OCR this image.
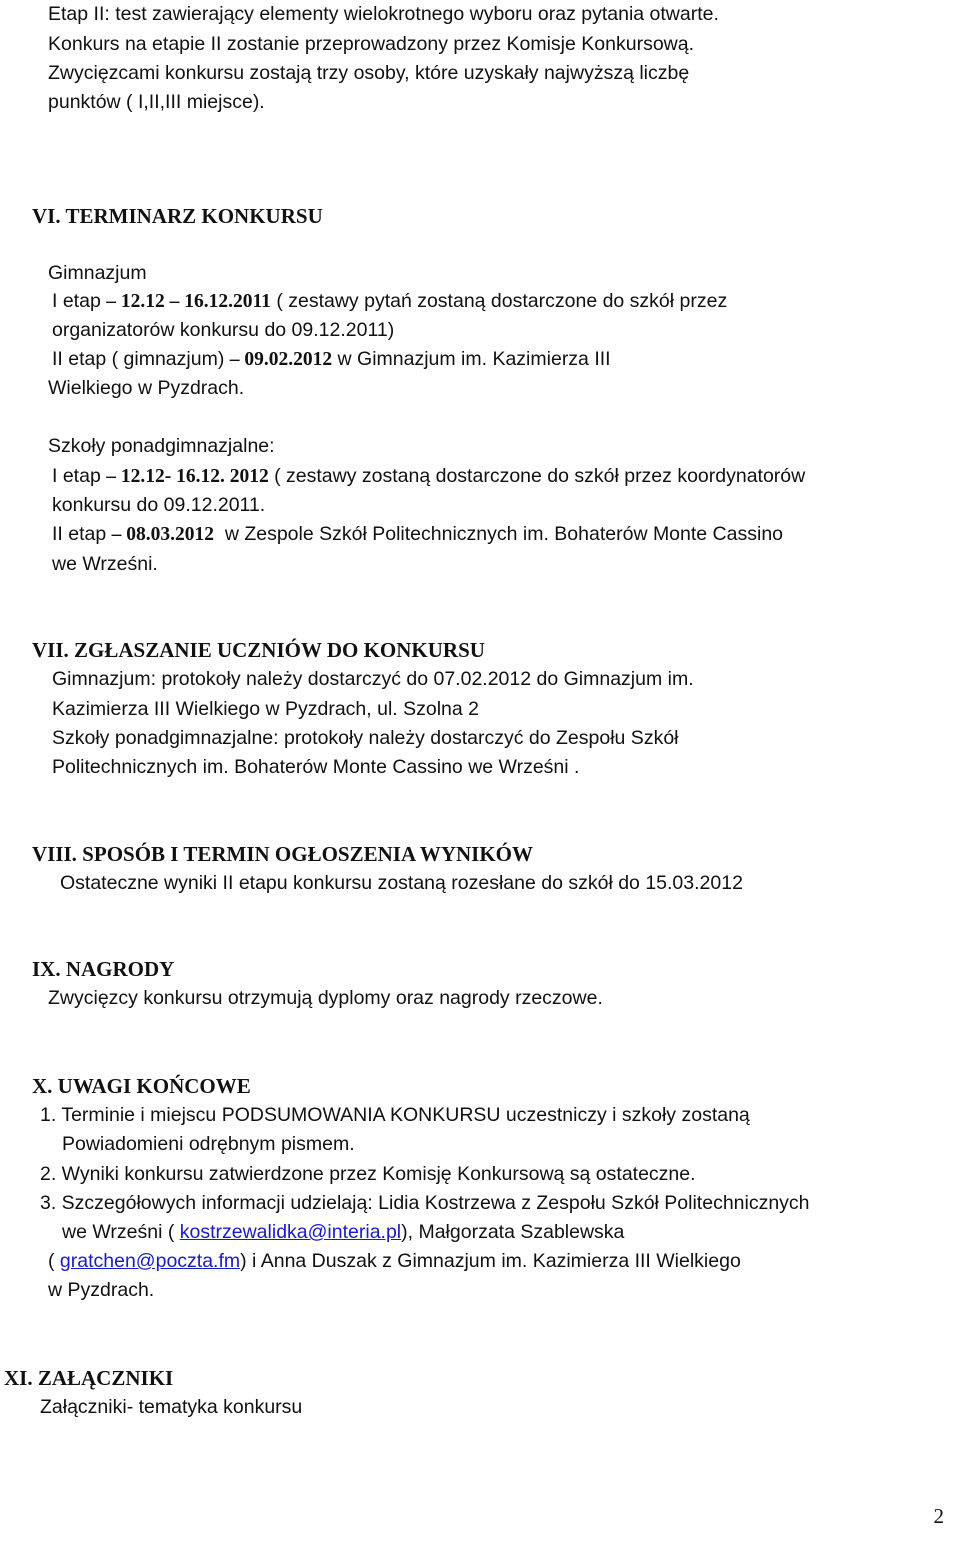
Etap II: test zawierający elementy wielokrotnego wyboru oraz pytania otwarte.
Konkurs na etapie II zostanie przeprowadzony przez Komisje Konkursową.
Zwycięzcami konkursu zostają trzy osoby, które uzyskały najwyższą liczbę
punktów ( I,II,III miejsce).
VI. TERMINARZ KONKURSU
Gimnazjum
I etap – 12.12 – 16.12.2011 ( zestawy pytań zostaną dostarczone do szkół przez
organizatorów konkursu do 09.12.2011)
II etap ( gimnazjum) – 09.02.2012 w Gimnazjum im. Kazimierza III
Wielkiego w Pyzdrach.
Szkoły ponadgimnazjalne:
I etap – 12.12- 16.12. 2012 ( zestawy zostaną dostarczone do szkół przez koordynatorów
konkursu do 09.12.2011.
II etap – 08.03.2012  w Zespole Szkół Politechnicznych im. Bohaterów Monte Cassino
we Wrześni.
VII. ZGŁASZANIE UCZNIÓW DO KONKURSU
Gimnazjum: protokoły należy dostarczyć do 07.02.2012 do Gimnazjum im.
Kazimierza III Wielkiego w Pyzdrach, ul. Szolna 2
Szkoły ponadgimnazjalne: protokoły należy dostarczyć do Zespołu Szkół
Politechnicznych im. Bohaterów Monte Cassino we Wrześni .
VIII. SPOSÓB I TERMIN OGŁOSZENIA WYNIKÓW
Ostateczne wyniki II etapu konkursu zostaną rozesłane do szkół do 15.03.2012
IX. NAGRODY
Zwycięzcy konkursu otrzymują dyplomy oraz nagrody rzeczowe.
X. UWAGI KOŃCOWE
1. Terminie i miejscu PODSUMOWANIA KONKURSU uczestniczy i szkoły zostaną
Powiadomieni odrębnym pismem.
2. Wyniki konkursu zatwierdzone przez Komisję Konkursową są ostateczne.
3. Szczegółowych informacji udzielają: Lidia Kostrzewa z Zespołu Szkół Politechnicznych
we Wrześni ( kostrzewalidka@interia.pl), Małgorzata Szablewska
( gratchen@poczta.fm) i Anna Duszak z Gimnazjum im. Kazimierza III Wielkiego
w Pyzdrach.
XI. ZAŁĄCZNIKI
Załączniki- tematyka konkursu
2
